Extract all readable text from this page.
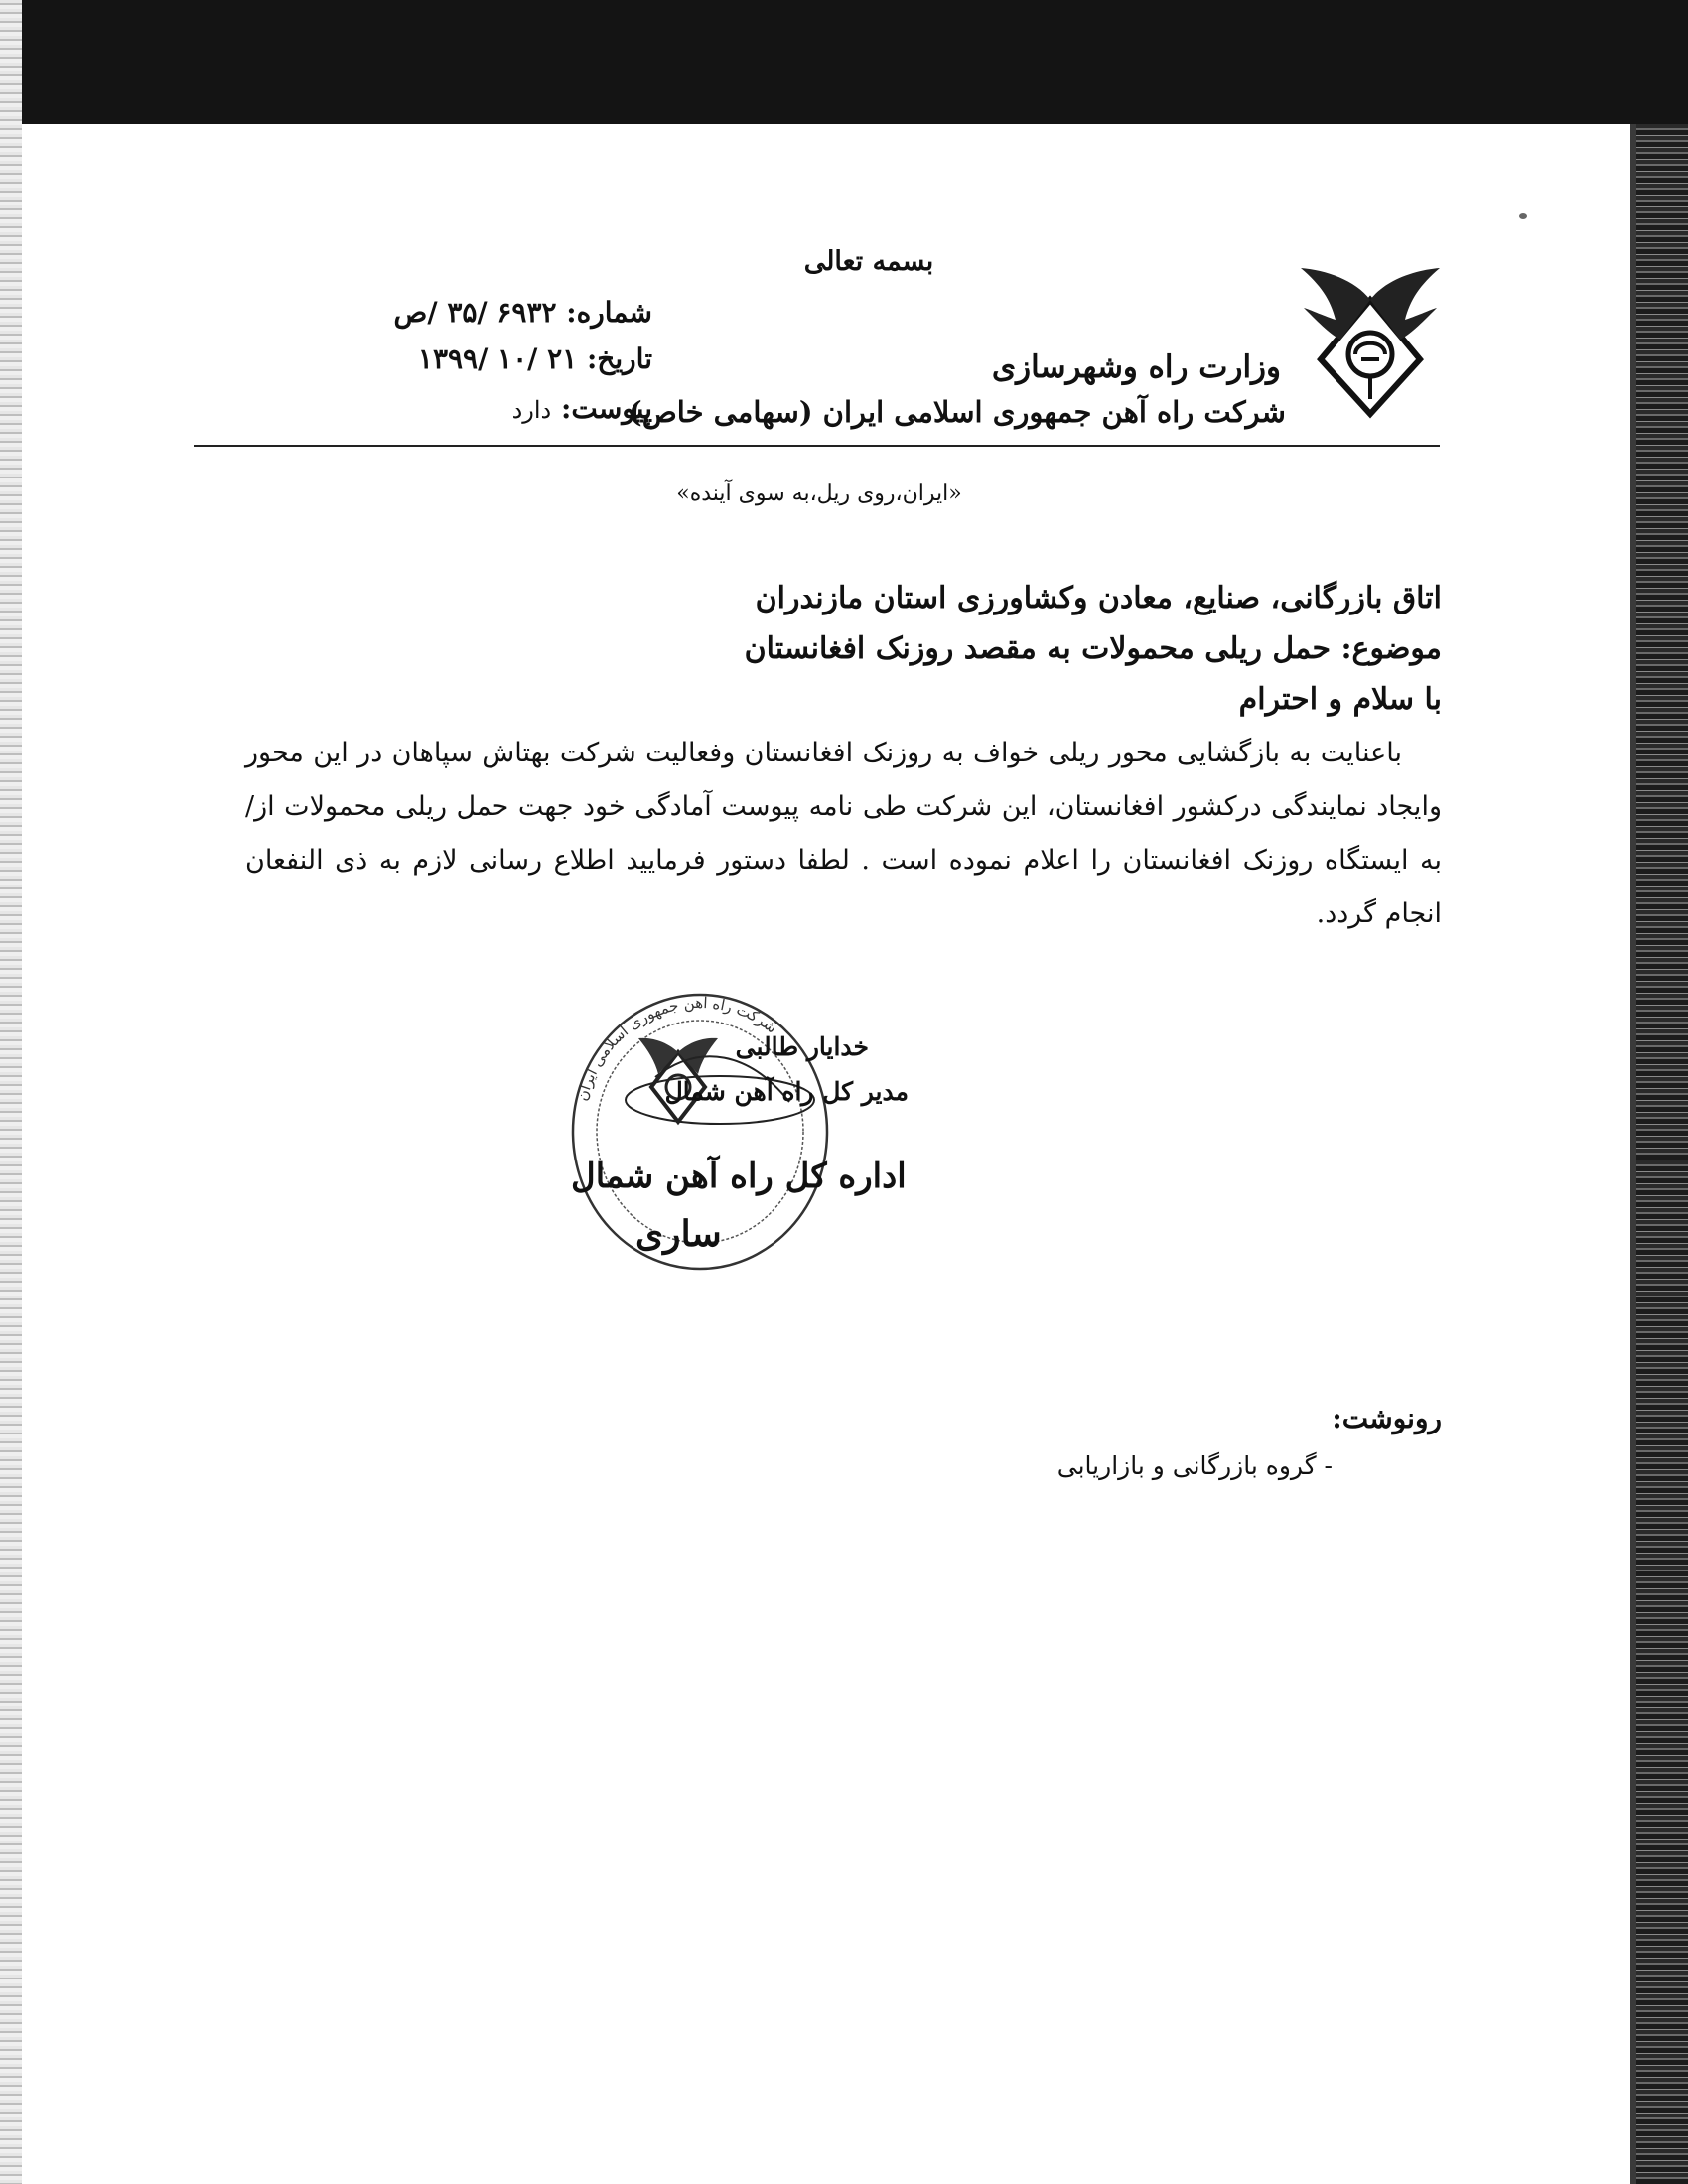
بسمه تعالی
وزارت راه وشهرسازی
شرکت راه آهن جمهوری اسلامی ایران (سهامی خاص)
شماره: ۶۹۳۲ /۳۵ /ص
تاریخ: ۲۱ /۱۰ /۱۳۹۹
پیوست: دارد
«ایران،روی ریل،به سوی آینده»
اتاق بازرگانی، صنایع، معادن وکشاورزی استان مازندران
موضوع: حمل ریلی محمولات به مقصد روزنک افغانستان
با سلام و احترام
باعنایت به بازگشایی محور ریلی خواف به روزنک افغانستان وفعالیت شرکت بهتاش سپاهان در این محور وایجاد نمایندگی درکشور افغانستان، این شرکت طی نامه پیوست آمادگی خود جهت حمل ریلی محمولات از/به ایستگاه روزنک افغانستان را اعلام نموده است . لطفا دستور فرمایید اطلاع رسانی لازم به ذی النفعان انجام گردد.
شرکت راه آهن جمهوری اسلامی ایران
خدایار طالبی
مدیر کل راه آهن شمال
اداره کل راه آهن شمال
ساری
رونوشت:
- گروه بازرگانی و بازاریابی
